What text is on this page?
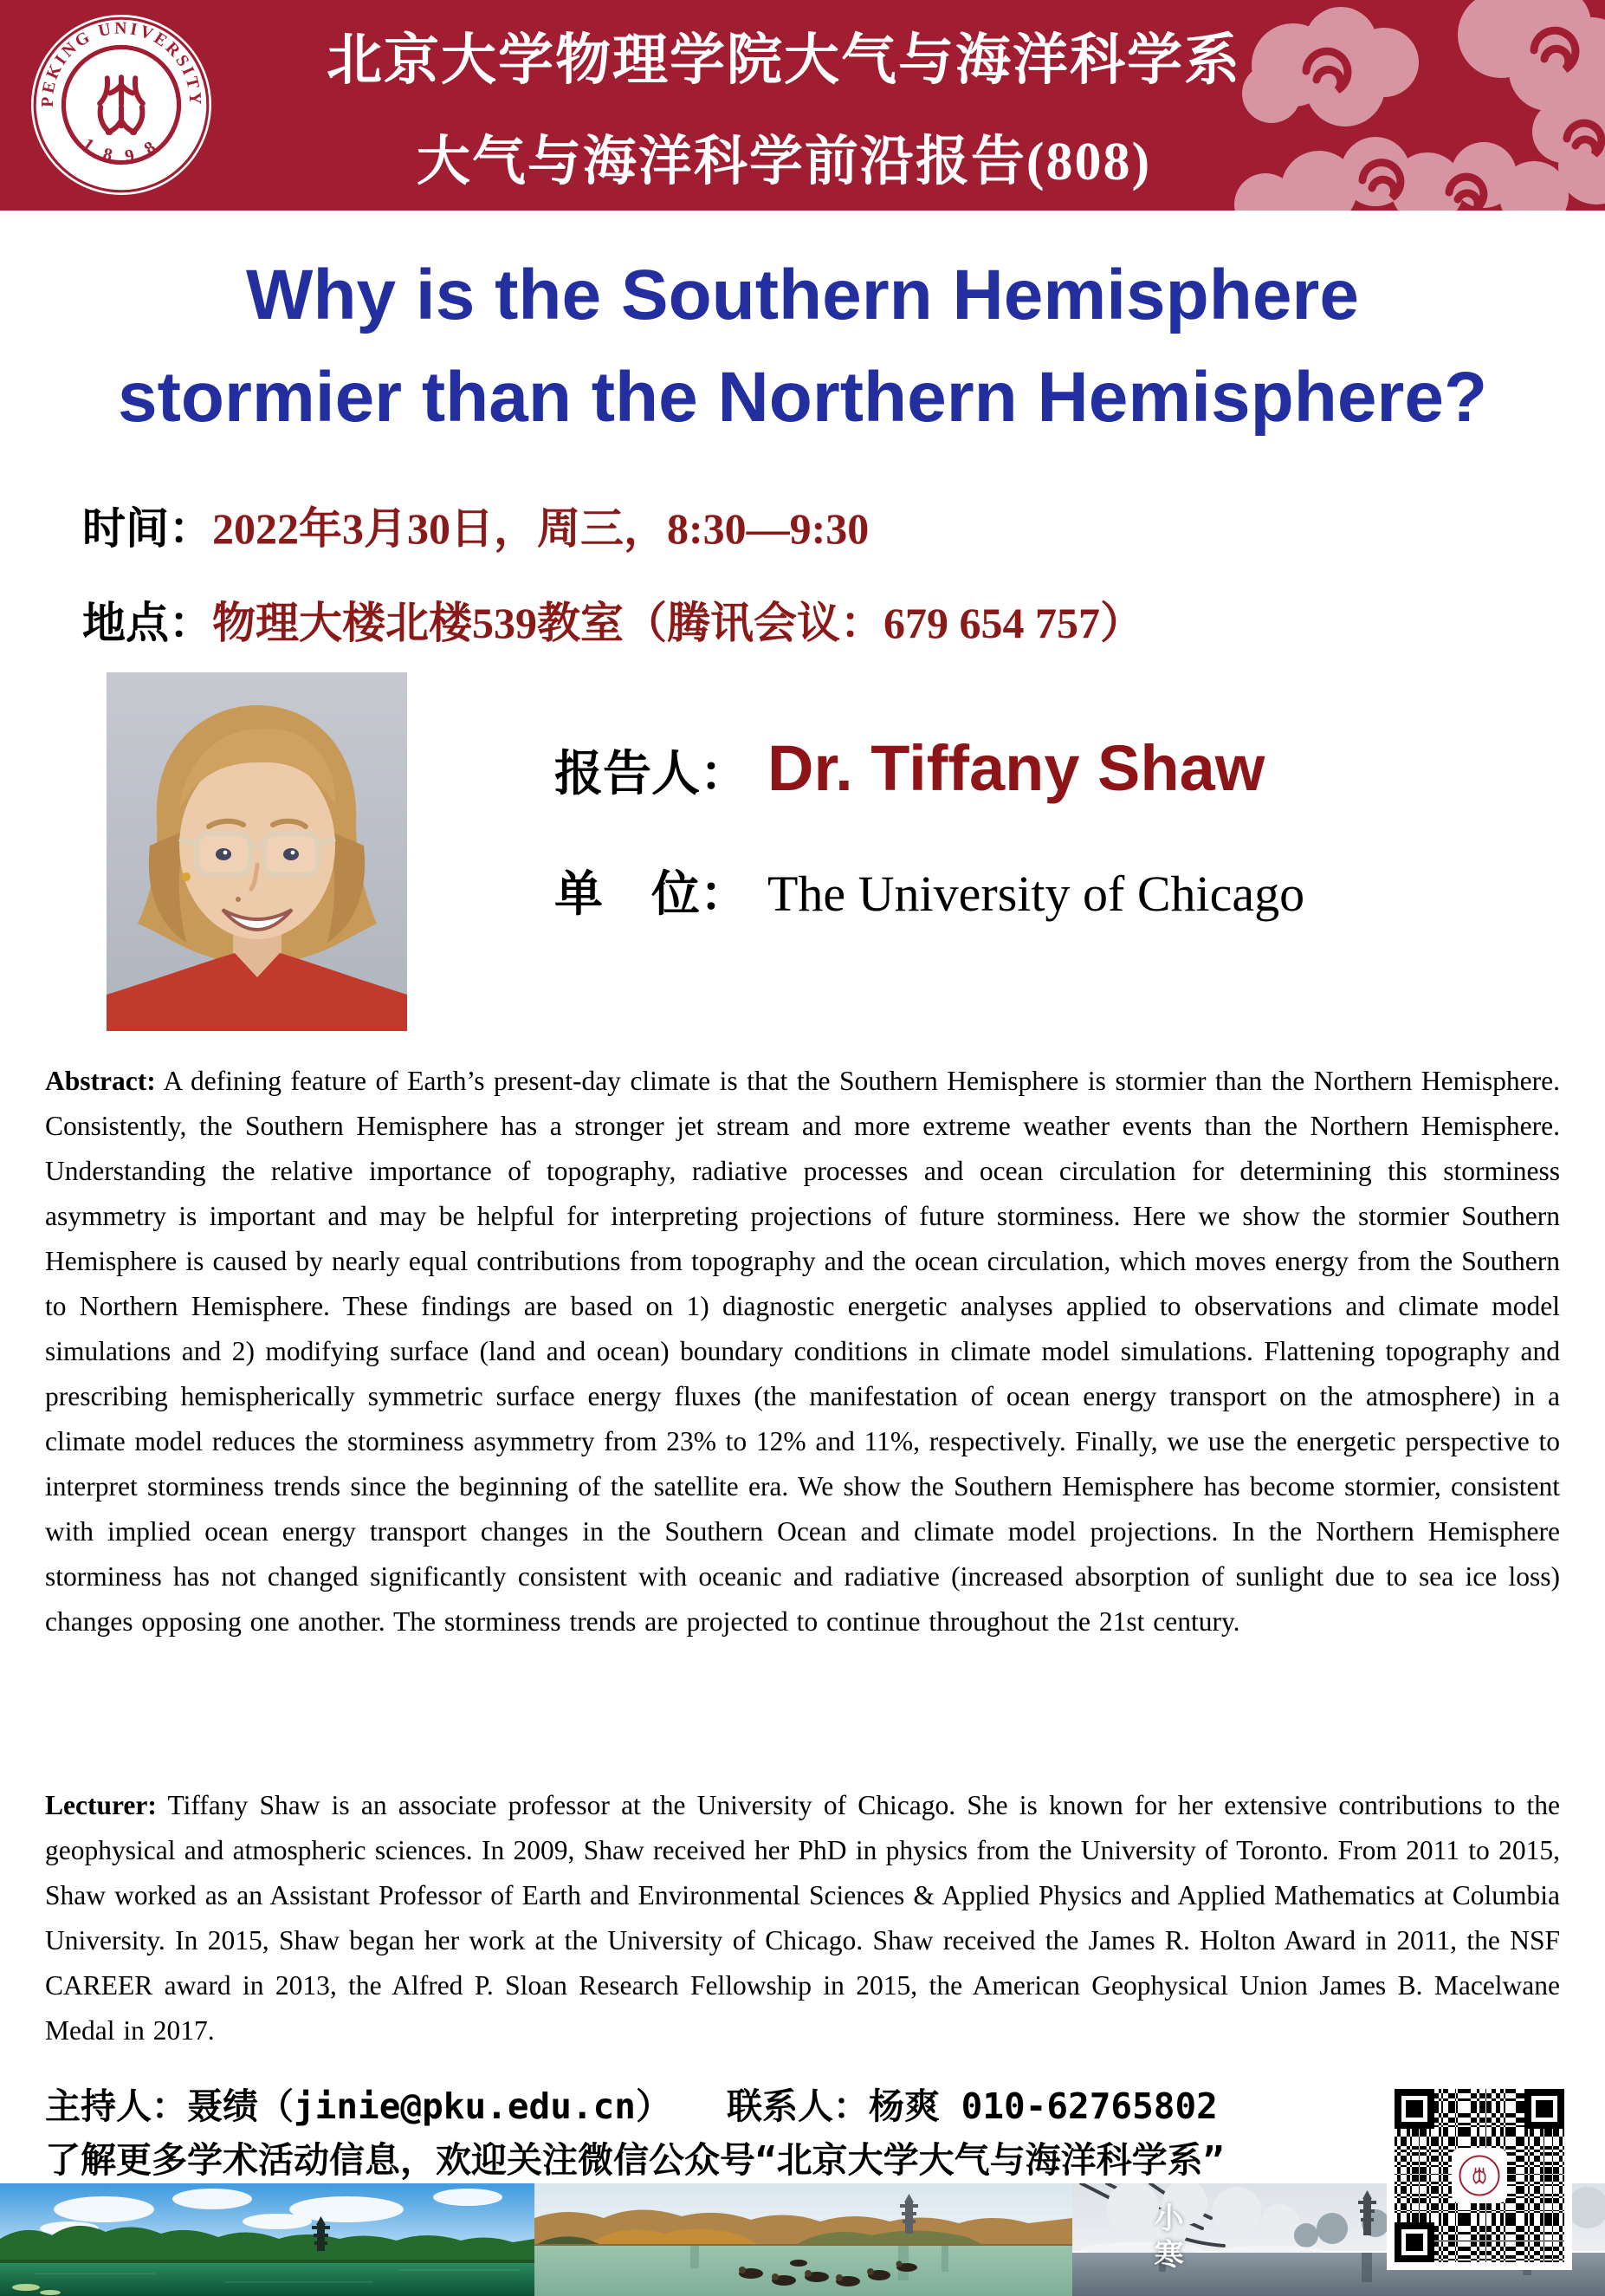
PEKING UNIVERSITY
1 8 9 8
北京大学物理学院大气与海洋科学系
大气与海洋科学前沿报告(808)
Why is the Southern Hemisphere
stormier than the Northern Hemisphere?

时间：2022年3月30日，周三，8:30—9:30

地点：物理大楼北楼539教室（腾讯会议：679 654 757）

报告人： Dr. Tiffany Shaw
单　位： The University of Chicago

Abstract: A defining feature of Earth’s present-day climate is that the Southern Hemisphere is stormier than the Northern Hemisphere. Consistently, the Southern Hemisphere has a stronger jet stream and more extreme weather events than the Northern Hemisphere. Understanding the relative importance of topography, radiative processes and ocean circulation for determining this storminess asymmetry is important and may be helpful for interpreting projections of future storminess. Here we show the stormier Southern Hemisphere is caused by nearly equal contributions from topography and the ocean circulation, which moves energy from the Southern to Northern Hemisphere. These findings are based on 1) diagnostic energetic analyses applied to observations and climate model simulations and 2) modifying surface (land and ocean) boundary conditions in climate model simulations. Flattening topography and prescribing hemispherically symmetric surface energy fluxes (the manifestation of ocean energy transport on the atmosphere) in a climate model reduces the storminess asymmetry from 23% to 12% and 11%, respectively. Finally, we use the energetic perspective to interpret storminess trends since the beginning of the satellite era. We show the Southern Hemisphere has become stormier, consistent with implied ocean energy transport changes in the Southern Ocean and climate model projections. In the Northern Hemisphere storminess has not changed significantly consistent with oceanic and radiative (increased absorption of sunlight due to sea ice loss) changes opposing one another. The storminess trends are projected to continue throughout the 21st century.

Lecturer: Tiffany Shaw is an associate professor at the University of Chicago. She is known for her extensive contributions to the geophysical and atmospheric sciences. In 2009, Shaw received her PhD in physics from the University of Toronto. From 2011 to 2015, Shaw worked as an Assistant Professor of Earth and Environmental Sciences & Applied Physics and Applied Mathematics at Columbia University. In 2015, Shaw began her work at the University of Chicago. Shaw received the James R. Holton Award in 2011, the NSF CAREER award in 2013, the Alfred P. Sloan Research Fellowship in 2015, the American Geophysical Union James B. Macelwane Medal in 2017.

主持人：聂绩（jinie@pku.edu.cn） 联系人：杨爽 010-62765802

了解更多学术活动信息，欢迎关注微信公众号“北京大学大气与海洋科学系”

小寒
